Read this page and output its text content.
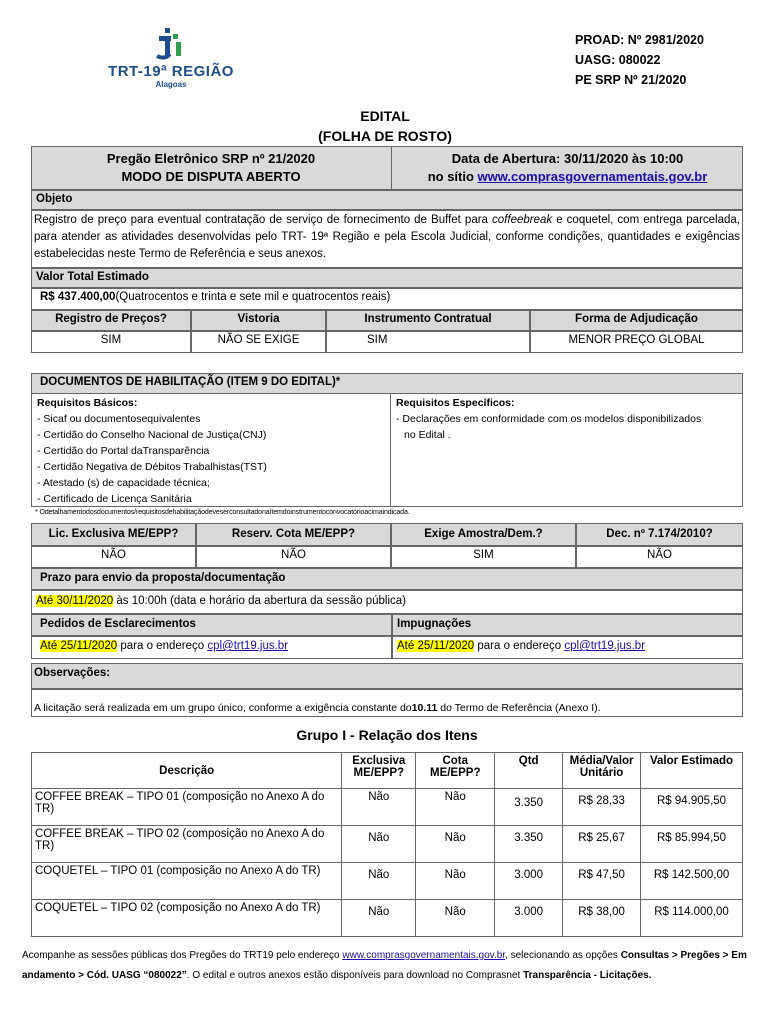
TRT-19ª REGIÃO
Alagoas
PROAD: Nº 2981/2020
UASG: 080022
PE SRP Nº 21/2020
EDITAL
(FOLHA DE ROSTO)
Pregão Eletrônico SRP nº 21/2020
MODO DE DISPUTA ABERTO
Data de Abertura: 30/11/2020 às 10:00
no sítio www.comprasgovernamentais.gov.br
Objeto
Registro de preço para eventual contratação de serviço de fornecimento de Buffet para coffeebreak e coquetel, com entrega parcelada, para atender as atividades desenvolvidas pelo TRT- 19ª Região e pela Escola Judicial, conforme condições, quantidades e exigências estabelecidas neste Termo de Referência e seus anexos.
Valor Total Estimado
R$ 437.400,00(Quatrocentos e trinta e sete mil e quatrocentos reais)
Registro de Preços?	Vistoria	Instrumento Contratual	Forma de Adjudicação
SIM	NÃO SE EXIGE	SIM	MENOR PREÇO GLOBAL
DOCUMENTOS DE HABILITAÇÃO (ITEM 9 DO EDITAL)*
Requisitos Básicos:
- Sicaf ou documentosequivalentes
- Certidão do Conselho Nacional de Justiça(CNJ)
- Certidão do Portal daTransparência
- Certidão Negativa de Débitos Trabalhistas(TST)
- Atestado (s) de capacidade técnica;
- Certificado de Licença Sanitária
Requisitos Específicos:
- Declarações em conformidade com os modelos disponibilizados
no Edital .
* Odetalhamentodosdocumentos/requisitosdehabilitaçãodeveserconsultadonaítemdoinstrumentoconvocatórioacimaindicada.
Lic. Exclusiva ME/EPP?	Reserv. Cota ME/EPP?	Exige Amostra/Dem.?	Dec. nº 7.174/2010?
NÃO	NÃO	SIM	NÃO
Prazo para envio da proposta/documentação
Até 30/11/2020 às 10:00h (data e horário da abertura da sessão pública)
Pedidos de Esclarecimentos	Impugnações
Até 25/11/2020 para o endereço cpl@trt19.jus.br	Até 25/11/2020 para o endereço cpl@trt19.jus.br
Observações:
A licitação será realizada em um grupo único, conforme a exigência constante do10.11 do Termo de Referência (Anexo I).
Grupo I - Relação dos Itens
Descrição	Exclusiva ME/EPP?	Cota ME/EPP?	Qtd	Média/Valor Unitário	Valor Estimado
COFFEE BREAK – TIPO 01 (composição no Anexo A do TR)	Não	Não	3.350	R$ 28,33	R$ 94.905,50
COFFEE BREAK – TIPO 02 (composição no Anexo A do TR)	Não	Não	3.350	R$ 25,67	R$ 85.994,50
COQUETEL – TIPO 01 (composição no Anexo A do TR)	Não	Não	3.000	R$ 47,50	R$ 142.500,00
COQUETEL – TIPO 02 (composição no Anexo A do TR)	Não	Não	3.000	R$ 38,00	R$ 114.000,00
Acompanhe as sessões públicas dos Pregões do TRT19 pelo endereço www.comprasgovernamentais.gov.br, selecionando as opções Consultas > Pregões > Em andamento > Cód. UASG “080022”. O edital e outros anexos estão disponíveis para download no Comprasnet Transparência - Licitações.
